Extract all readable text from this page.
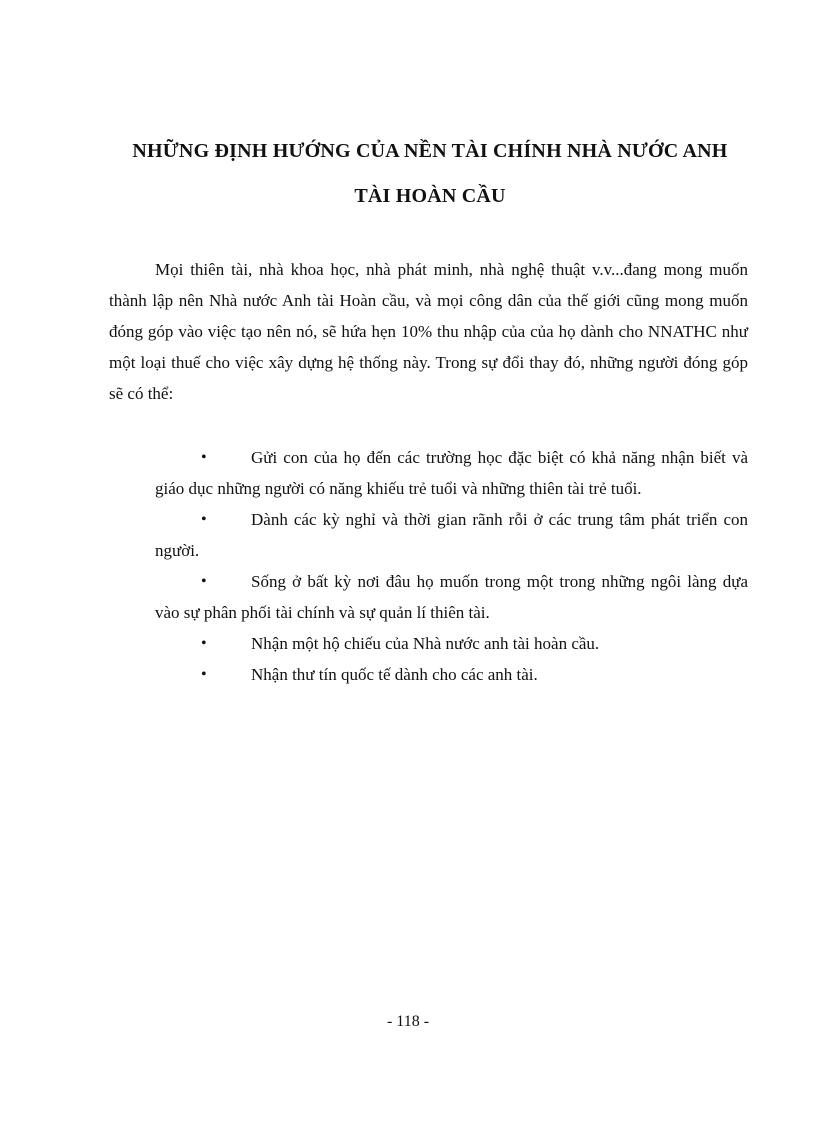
NHỮNG ĐỊNH HƯỚNG CỦA NỀN TÀI CHÍNH NHÀ NƯỚC ANH
TÀI HOÀN CẦU

Mọi thiên tài, nhà khoa học, nhà phát minh, nhà nghệ thuật v.v...đang mong muốn thành lập nên Nhà nước Anh tài Hoàn cầu, và mọi công dân của thế giới cũng mong muốn đóng góp vào việc tạo nên nó, sẽ hứa hẹn 10% thu nhập của của họ dành cho NNATHC như một loại thuế cho việc xây dựng hệ thống này. Trong sự đổi thay đó, những người đóng góp sẽ có thể:

•	Gửi con của họ đến các trường học đặc biệt có khả năng nhận biết và giáo dục những người có năng khiếu trẻ tuổi và những thiên tài trẻ tuổi.
•	Dành các kỳ nghỉ và thời gian rãnh rỗi ở các trung tâm phát triển con người.
•	Sống ở bất kỳ nơi đâu họ muốn trong một trong những ngôi làng dựa vào sự phân phối tài chính và sự quản lí thiên tài.
•	Nhận một hộ chiếu của Nhà nước anh tài hoàn cầu.
•	Nhận thư tín quốc tế dành cho các anh tài.
- 118 -
